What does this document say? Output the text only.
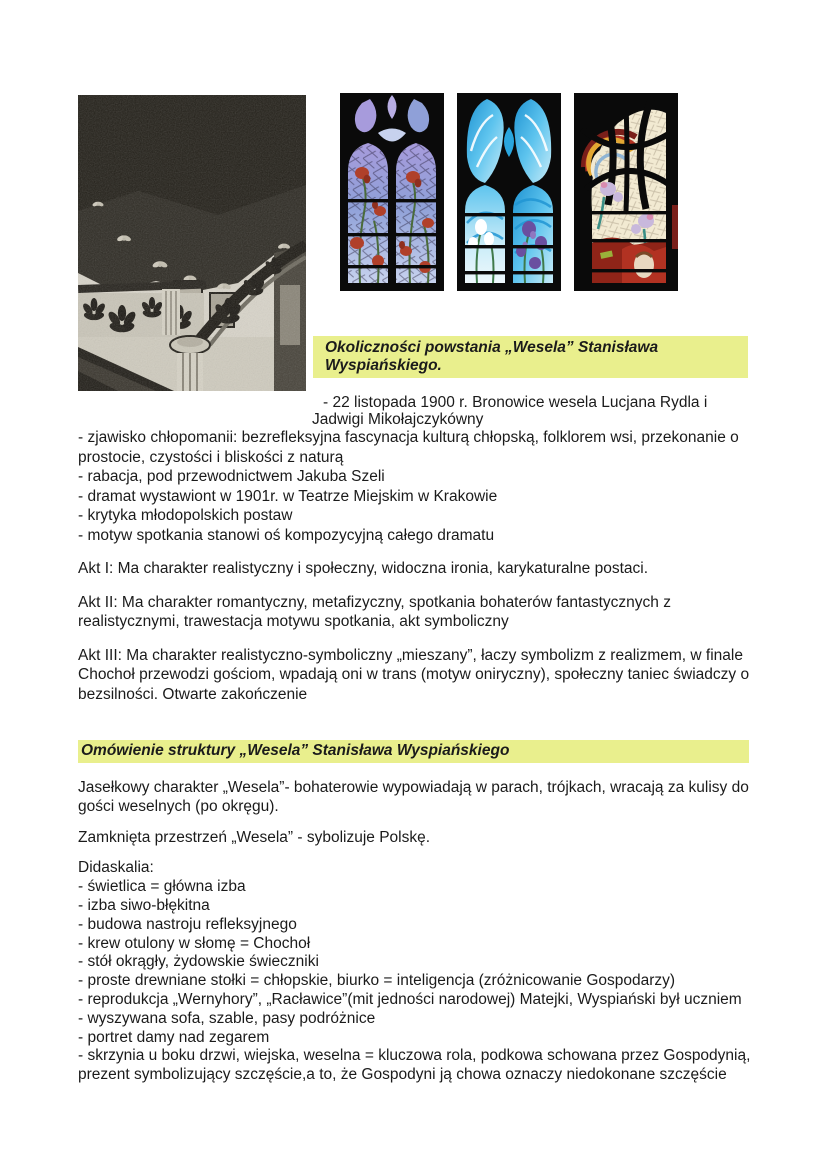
Okoliczności powstania „Wesela” Stanisława Wyspiańskiego.

- 22 listopada 1900 r. Bronowice wesela Lucjana Rydla i Jadwigi Mikołajczykówny

- zjawisko chłopomanii: bezrefleksyjna fascynacja kulturą chłopską, folklorem wsi, przekonanie o prostocie, czystości i bliskości z naturą
- rabacja, pod przewodnictwem Jakuba Szeli
- dramat wystawiont w 1901r. w Teatrze Miejskim w Krakowie
- krytyka młodopolskich postaw
- motyw spotkania stanowi oś kompozycyjną całego dramatu

Akt I: Ma charakter realistyczny i społeczny, widoczna ironia, karykaturalne postaci.

Akt II: Ma charakter romantyczny, metafizyczny, spotkania bohaterów fantastycznych z realistycznymi, trawestacja motywu spotkania, akt symboliczny

Akt III: Ma charakter realistyczno-symboliczny „mieszany”, łaczy symbolizm z realizmem, w finale Chochoł przewodzi gościom, wpadają oni w trans (motyw oniryczny), społeczny taniec świadczy o bezsilności. Otwarte zakończenie

Omówienie struktury „Wesela” Stanisława Wyspiańskiego

Jasełkowy charakter „Wesela”- bohaterowie wypowiadają w parach, trójkach, wracają za kulisy do gości weselnych (po okręgu).

Zamknięta przestrzeń „Wesela” - sybolizuje Polskę.

Didaskalia:
- świetlica = główna izba
- izba siwo-błękitna
- budowa nastroju refleksyjnego
- krew otulony w słomę = Chochoł
- stół okrągły, żydowskie świeczniki
- proste drewniane stołki = chłopskie, biurko = inteligencja (zróżnicowanie Gospodarzy)
- reprodukcja „Wernyhory”, „Racławice”(mit jedności narodowej) Matejki, Wyspiański był uczniem
- wyszywana sofa, szable, pasy podróżnice
- portret damy nad zegarem
- skrzynia u boku drzwi, wiejska, weselna = kluczowa rola, podkowa schowana przez Gospodynią, prezent symbolizujący szczęście,a to, że Gospodyni ją chowa oznaczy niedokonane szczęście
